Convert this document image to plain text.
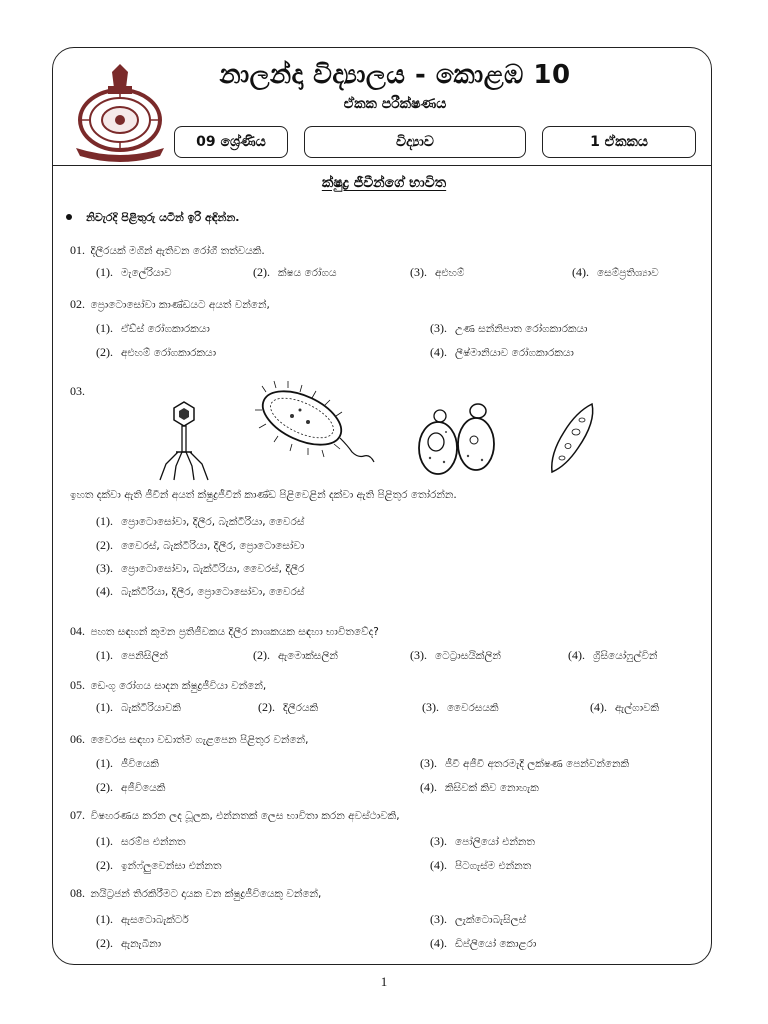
නාලන්දා විද්‍යාලය - කොළඹ 10
ඒකක පරීක්ෂණය
09 ශ්‍රේණිය	විද්‍යාව	1 ඒකකය
ක්ෂුද්‍ර ජීවීන්ගේ භාවිත
නිවැරදි පිළිතුරු යටින් ඉරි අඳින්න.
01. දිලීරයක් මගින් ඇතිවන රෝගී තත්වයකි.
(1). මැලේරියාව	(2). ක්ෂය රෝගය	(3). අළුහම්	(4). සෙම්ප්‍රතිශ්‍යාව
02. ප්‍රොටොසෝවා කාණ්ඩයට අයත් වන්නේ,
(1). ඒඩ්ස් රෝගකාරකයා
(2). අළුහම් රෝගකාරකයා
(3). උණ සන්නිපාත රෝගකාරකයා
(4). ලීෂ්මානියාව රෝගකාරකයා
03.
ඉහත දක්වා ඇති ජීවීන් අයත් ක්ෂුද්‍රජීවීන් කාණ්ඩ පිළිවෙළින් දක්වා ඇති පිළිතුර තෝරන්න.
(1). ප්‍රොටොසෝවා, දිලීර, බැක්ටීරියා, වෛරස්
(2). වෛරස්, බැක්ටීරියා, දිලීර, ප්‍රොටොසෝවා
(3). ප්‍රොටොසෝවා, බැක්ටීරියා, වෛරස්, දිලීර
(4). බැක්ටීරියා, දිලීර, ප්‍රොටොසෝවා, වෛරස්
04. පහත සඳහන් කුමන ප්‍රතිජීවකය දිලීර නාශකයක සඳහා භාවිතවේද?
(1). පෙනිසිලින්	(2). ඇමොක්සලින්	(3). ටෙට්‍රාසයික්ලින්	(4). ග්‍රිසියෝෆුල්වින්
05. ඩෙංගු රෝගය සාදන ක්ෂුද්‍රජීවියා වන්නේ,
(1). බැක්ටීරියාවකි	(2). දිලීරයකි	(3). වෛරසයකි	(4). ඇල්ගාවකි
06. වෛරස සඳහා වඩාත්ම ගැළපෙන පිළිතුර වන්නේ,
(1). ජීවියෙකි
(2). අජීවියෙකි
(3). ජීවී අජීවී අතරමැදි ලක්ෂණ පෙන්වන්නෙකි
(4). කිසිවක් කිව නොහැක
07. විෂහරණය කරන ලද ධූලක, එන්නතක් ලෙස භාවිතා කරන අවස්ථාවකි,
(1). සරම්ප එන්නත
(2). ඉන්ෆ්ලුවෙන්සා එන්නත
(3). පෝලියෝ එන්නත
(4). පිටගැස්ම එන්නත
08. නයිට්‍රජන් තිරකිරීමට දායක වන ක්ෂුද්‍රජීවියෙකු වන්නේ,
(1). ඇසටොබැක්ටර්
(2). ඇනැබීනා
(3). ලැක්ටොබැසිලස්
(4). ඩිප්ලියෝ කොළරා
1
